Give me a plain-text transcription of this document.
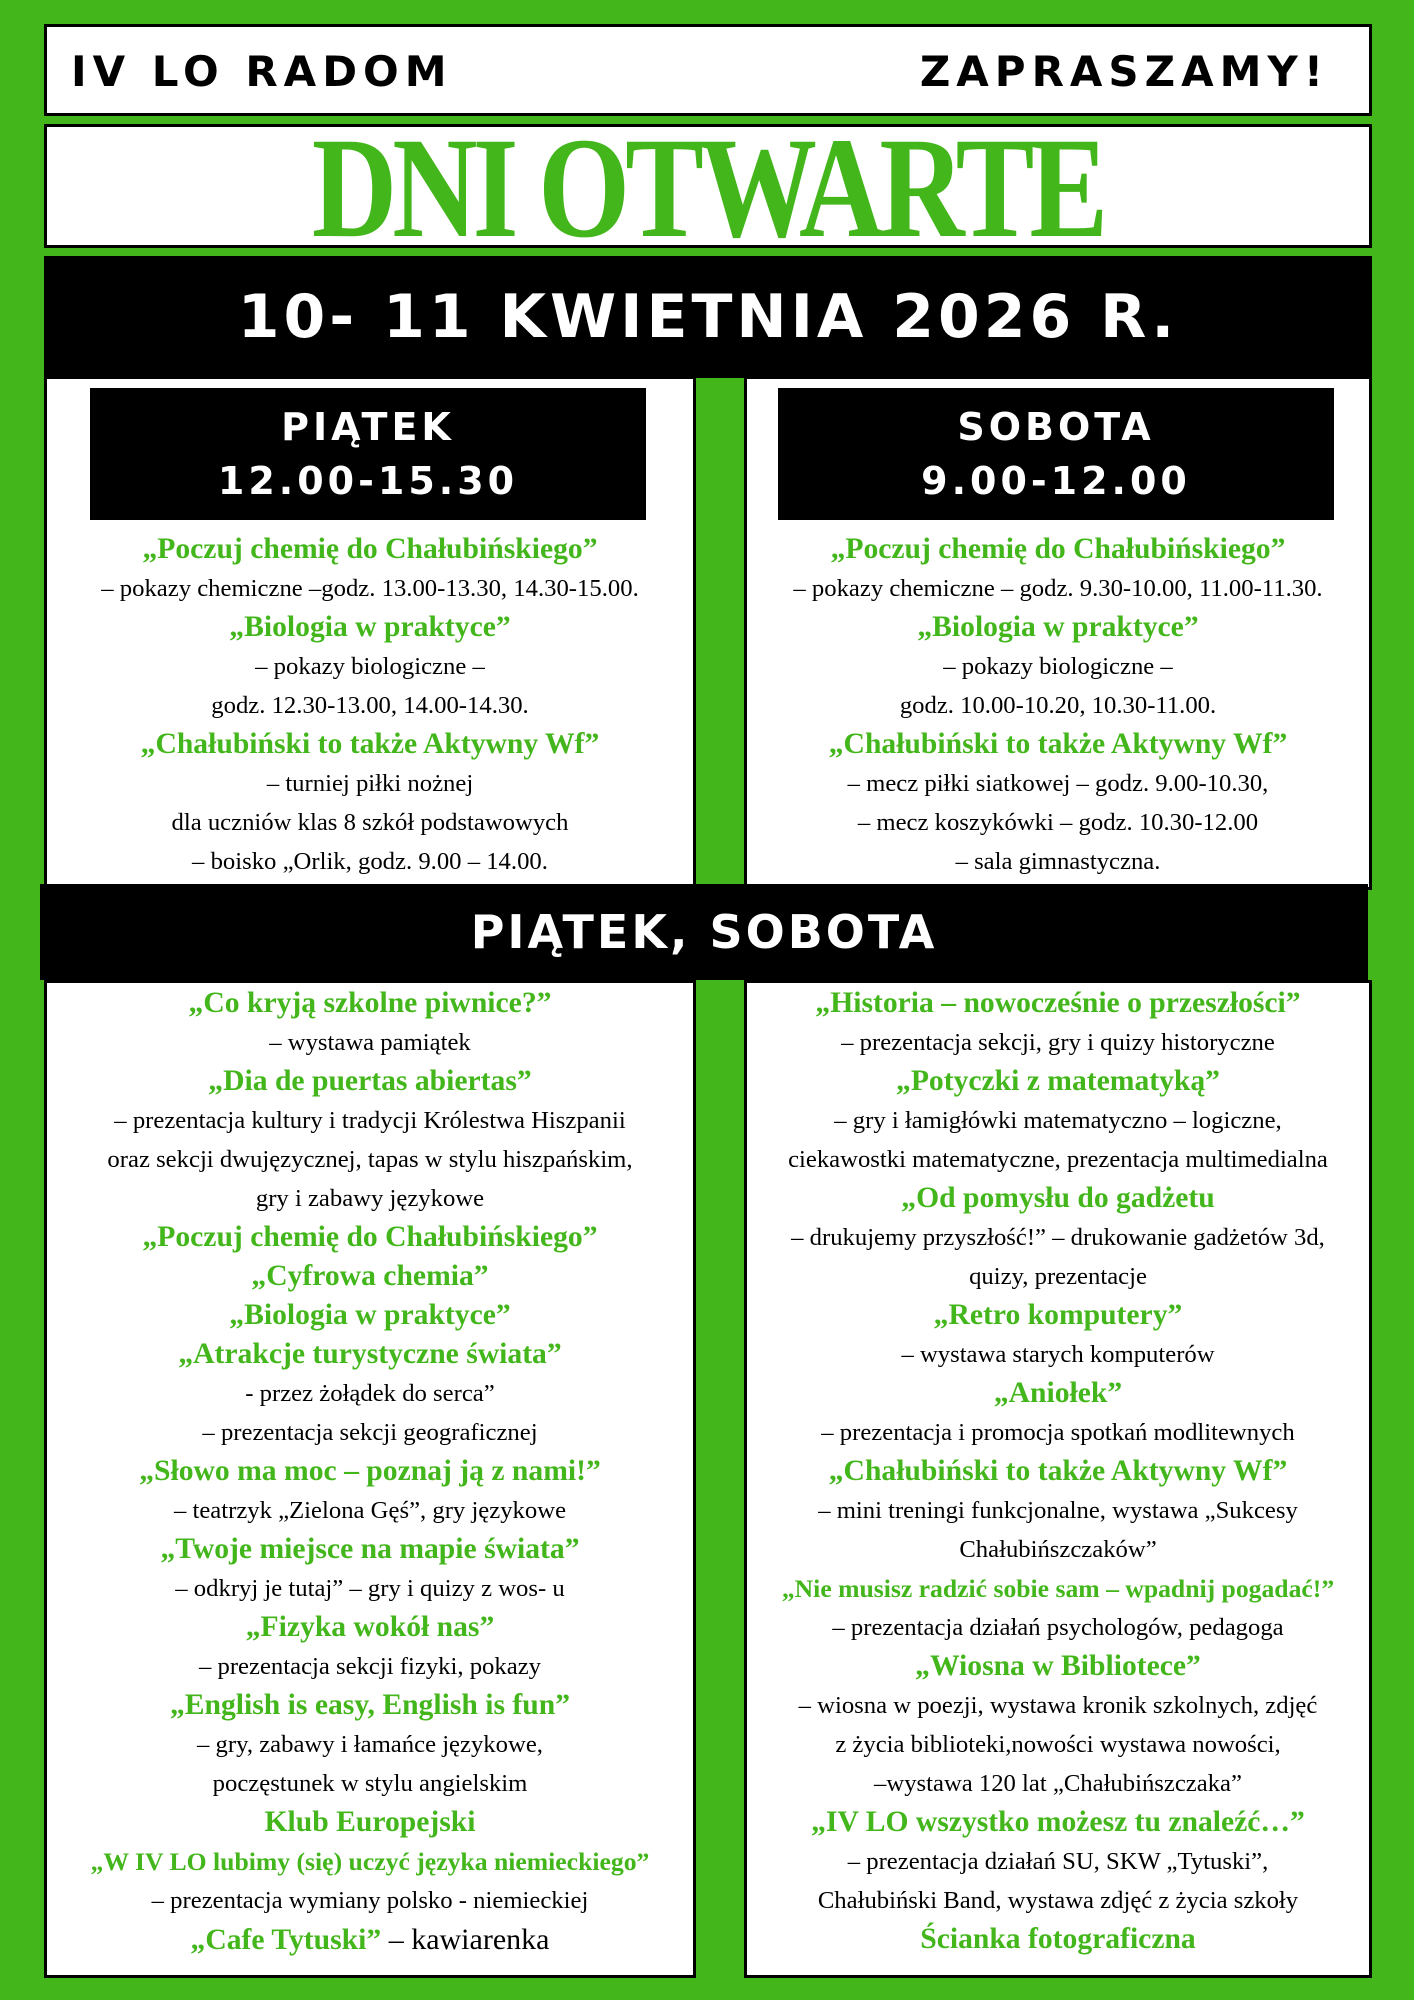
IV LO RADOM	ZAPRASZAMY!
DNI OTWARTE
10- 11 KWIETNIA 2026 R.
PIĄTEK
12.00-15.30
SOBOTA
9.00-12.00
„Poczuj chemię do Chałubińskiego”
– pokazy chemiczne –godz. 13.00-13.30, 14.30-15.00.
„Biologia w praktyce”
– pokazy biologiczne –
godz. 12.30-13.00, 14.00-14.30.
„Chałubiński to także Aktywny Wf”
– turniej piłki nożnej
dla uczniów klas 8 szkół podstawowych
– boisko „Orlik, godz. 9.00 – 14.00.
„Poczuj chemię do Chałubińskiego”
– pokazy chemiczne – godz. 9.30-10.00, 11.00-11.30.
„Biologia w praktyce”
– pokazy biologiczne –
godz. 10.00-10.20, 10.30-11.00.
„Chałubiński to także Aktywny Wf”
– mecz piłki siatkowej – godz. 9.00-10.30,
– mecz koszykówki – godz. 10.30-12.00
– sala gimnastyczna.
PIĄTEK, SOBOTA
„Co kryją szkolne piwnice?”
– wystawa pamiątek
„Dia de puertas abiertas”
– prezentacja kultury i tradycji Królestwa Hiszpanii
oraz sekcji dwujęzycznej, tapas w stylu hiszpańskim,
gry i zabawy językowe
„Poczuj chemię do Chałubińskiego”
„Cyfrowa chemia”
„Biologia w praktyce”
„Atrakcje turystyczne świata”
- przez żołądek do serca”
– prezentacja sekcji geograficznej
„Słowo ma moc – poznaj ją z nami!”
– teatrzyk „Zielona Gęś”, gry językowe
„Twoje miejsce na mapie świata”
– odkryj je tutaj” – gry i quizy z wos- u
„Fizyka wokół nas”
– prezentacja sekcji fizyki, pokazy
„English is easy, English is fun”
– gry, zabawy i łamańce językowe,
poczęstunek w stylu angielskim
Klub Europejski
„W IV LO lubimy (się) uczyć języka niemieckiego”
– prezentacja wymiany polsko - niemieckiej
„Cafe Tytuski” – kawiarenka
„Historia – nowocześnie o przeszłości”
– prezentacja sekcji, gry i quizy historyczne
„Potyczki z matematyką”
– gry i łamigłówki matematyczno – logiczne,
ciekawostki matematyczne, prezentacja multimedialna
„Od pomysłu do gadżetu
– drukujemy przyszłość!” – drukowanie gadżetów 3d,
quizy, prezentacje
„Retro komputery”
– wystawa starych komputerów
„Aniołek”
– prezentacja i promocja spotkań modlitewnych
„Chałubiński to także Aktywny Wf”
– mini treningi funkcjonalne, wystawa „Sukcesy
Chałubińszczaków”
„Nie musisz radzić sobie sam – wpadnij pogadać!”
– prezentacja działań psychologów, pedagoga
„Wiosna w Bibliotece”
– wiosna w poezji, wystawa kronik szkolnych, zdjęć
z życia biblioteki,nowości wystawa nowości,
–wystawa 120 lat „Chałubińszczaka”
„IV LO wszystko możesz tu znaleźć…”
– prezentacja działań SU, SKW „Tytuski”,
Chałubiński Band, wystawa zdjęć z życia szkoły
Ścianka fotograficzna
